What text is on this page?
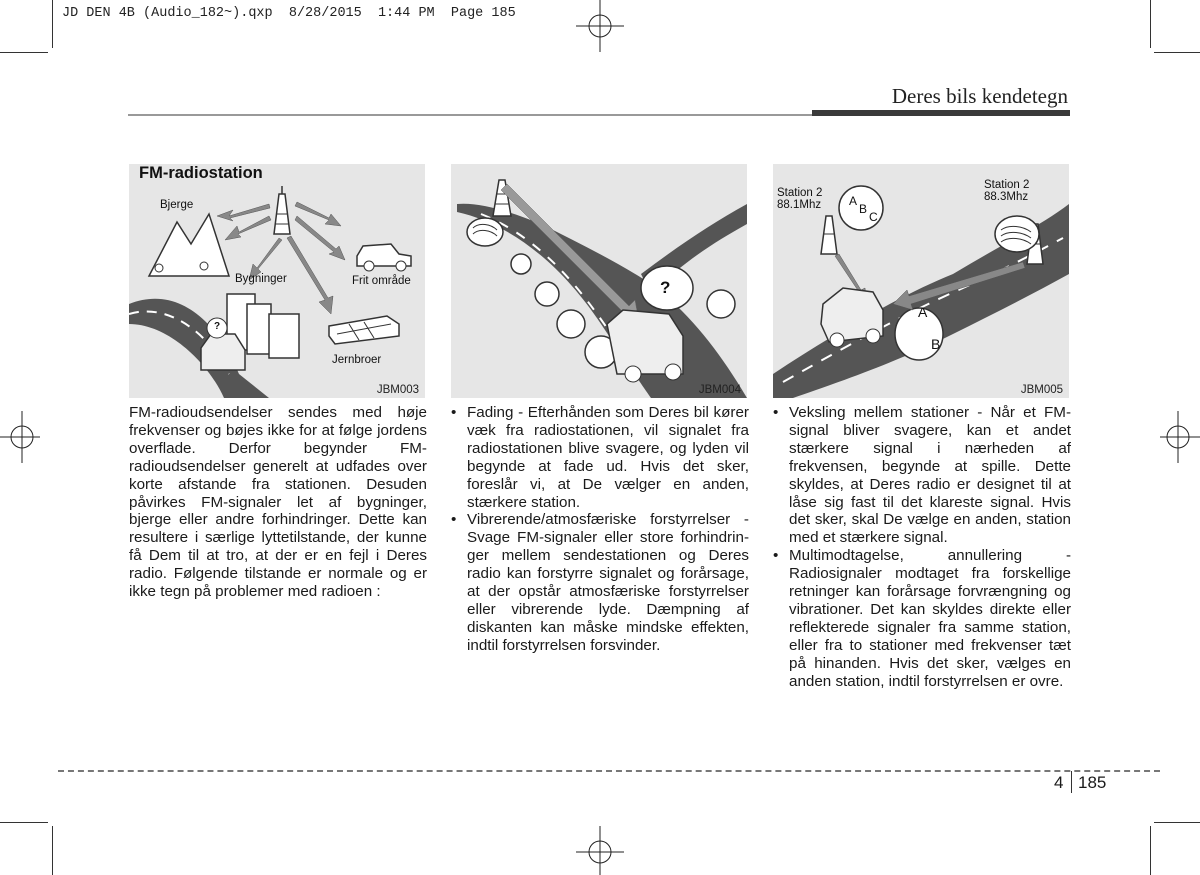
JD DEN 4B (Audio_182~).qxp  8/28/2015  1:44 PM  Page 185
Deres bils kendetegn
FM-radiostation
Bjerge
Bygninger	Frit område
Jernbroer
?
JBM003
?
JBM004
Station 2
88.1Mhz
Station 2
88.3Mhz
A
B
C
A
B
JBM005

FM-radioudsendelser sendes med høje frekvenser og bøjes ikke for at følge jordens overflade. Derfor begynder FM-radioudsendelser generelt at udfades over korte afstande fra stationen. Desuden påvirkes FM-signaler let af bygninger, bjerge eller andre forhindringer. Dette kan resultere i særlige lyttetilstande, der kunne få Dem til at tro, at der er en fejl i Deres radio. Følgende tilstande er normale og er ikke tegn på problemer med radioen :

• Fading - Efterhånden som Deres bil kører væk fra radiostationen, vil signalet fra radiostationen blive svagere, og lyden vil begynde at fade ud. Hvis det sker, foreslår vi, at De vælger en anden, stærkere station.
• Vibrerende/atmosfæriske forstyrrelser - Svage FM-signaler eller store forhindrin- ger mellem sendestationen og Deres radio kan forstyrre signalet og forårsage, at der opstår atmosfæriske forstyrrelser eller vibrerende lyde. Dæmpning af diskanten kan måske mindske effekten, indtil forstyrrelsen forsvinder.
• Veksling mellem stationer - Når et FM-signal bliver svagere, kan et andet stærkere signal i nærheden af frekvensen, begynde at spille. Dette skyldes, at Deres radio er designet til at låse sig fast til det klareste signal. Hvis det sker, skal De vælge en anden, station med et stærkere signal.
• Multimodtagelse, annullering - Radiosignaler modtaget fra forskellige retninger kan forårsage forvrængning og vibrationer. Det kan skyldes direkte eller reflekterede signaler fra samme station, eller fra to stationer med frekvenser tæt på hinanden. Hvis det sker, vælges en anden station, indtil forstyrrelsen er ovre.
4 185
